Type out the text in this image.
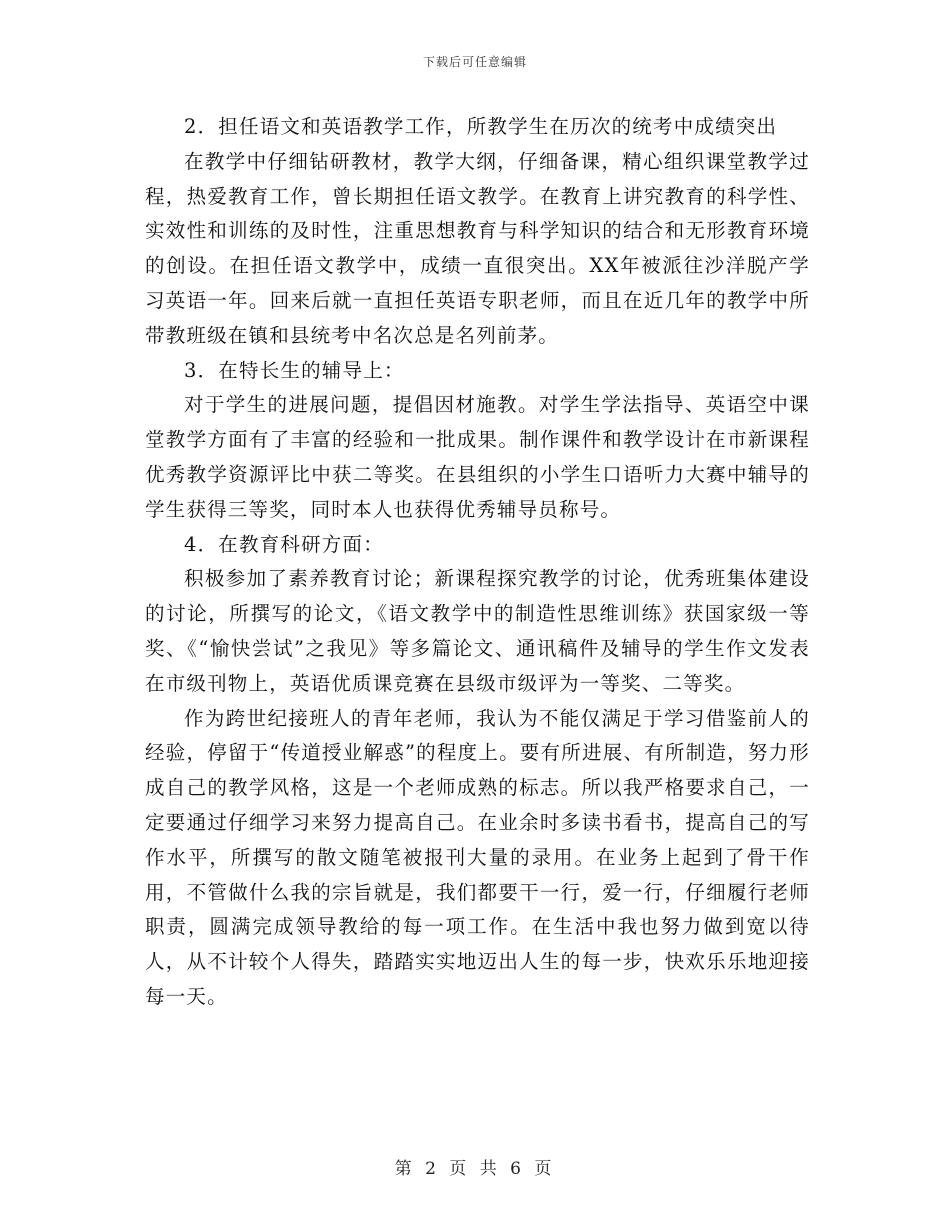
下载后可任意编辑

2．担任语文和英语教学工作，所教学生在历次的统考中成绩突出

在教学中仔细钻研教材，教学大纲，仔细备课，精心组织课堂教学过程，热爱教育工作，曾长期担任语文教学。在教育上讲究教育的科学性、实效性和训练的及时性，注重思想教育与科学知识的结合和无形教育环境的创设。在担任语文教学中，成绩一直很突出。XX年被派往沙洋脱产学习英语一年。回来后就一直担任英语专职老师，而且在近几年的教学中所带教班级在镇和县统考中名次总是名列前茅。

3．在特长生的辅导上：

对于学生的进展问题，提倡因材施教。对学生学法指导、英语空中课堂教学方面有了丰富的经验和一批成果。制作课件和教学设计在市新课程优秀教学资源评比中获二等奖。在县组织的小学生口语听力大赛中辅导的学生获得三等奖，同时本人也获得优秀辅导员称号。

4．在教育科研方面：

积极参加了素养教育讨论；新课程探究教学的讨论，优秀班集体建设的讨论，所撰写的论文，《语文教学中的制造性思维训练》获国家级一等奖、《“愉快尝试”之我见》等多篇论文、通讯稿件及辅导的学生作文发表在市级刊物上，英语优质课竞赛在县级市级评为一等奖、二等奖。

作为跨世纪接班人的青年老师，我认为不能仅满足于学习借鉴前人的经验，停留于“传道授业解惑”的程度上。要有所进展、有所制造，努力形成自己的教学风格，这是一个老师成熟的标志。所以我严格要求自己，一定要通过仔细学习来努力提高自己。在业余时多读书看书，提高自己的写作水平，所撰写的散文随笔被报刊大量的录用。在业务上起到了骨干作用，不管做什么我的宗旨就是，我们都要干一行，爱一行，仔细履行老师职责，圆满完成领导教给的每一项工作。在生活中我也努力做到宽以待人，从不计较个人得失，踏踏实实地迈出人生的每一步，快欢乐乐地迎接每一天。

第 2 页 共 6 页
